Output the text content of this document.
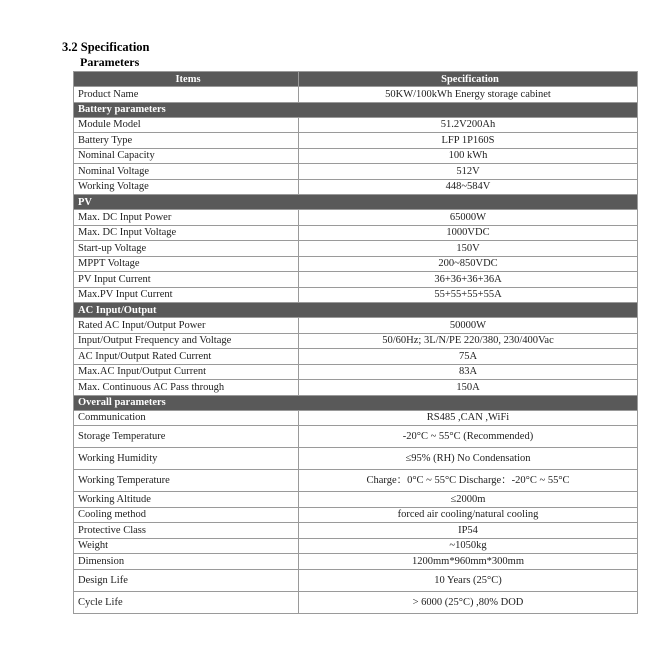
3.2 Specification
Parameters
Items	Specification
Product Name	50KW/100kWh Energy storage cabinet
Battery parameters	
Module Model	51.2V200Ah
Battery Type	LFP 1P160S
Nominal Capacity	100 kWh
Nominal Voltage	512V
Working Voltage	448~584V
PV	
Max. DC Input Power	65000W
Max. DC Input Voltage	1000VDC
Start-up Voltage	150V
MPPT Voltage	200~850VDC
PV Input Current	36+36+36+36A
Max.PV Input Current	55+55+55+55A
AC Input/Output	
Rated AC Input/Output Power	50000W
Input/Output Frequency and Voltage	50/60Hz; 3L/N/PE 220/380, 230/400Vac
AC Input/Output Rated Current	75A
Max.AC Input/Output Current	83A
Max. Continuous AC Pass through	150A
Overall parameters	
Communication	RS485 ,CAN ,WiFi
Storage Temperature	-20°C ~ 55°C (Recommended)
Working Humidity	≤95% (RH) No Condensation
Working Temperature	Charge：0°C ~ 55°C Discharge：-20°C ~ 55°C
Working Altitude	≤2000m
Cooling method	forced air cooling/natural cooling
Protective Class	IP54
Weight	~1050kg
Dimension	1200mm*960mm*300mm
Design Life	10 Years (25°C)
Cycle Life	> 6000 (25°C) ,80% DOD
